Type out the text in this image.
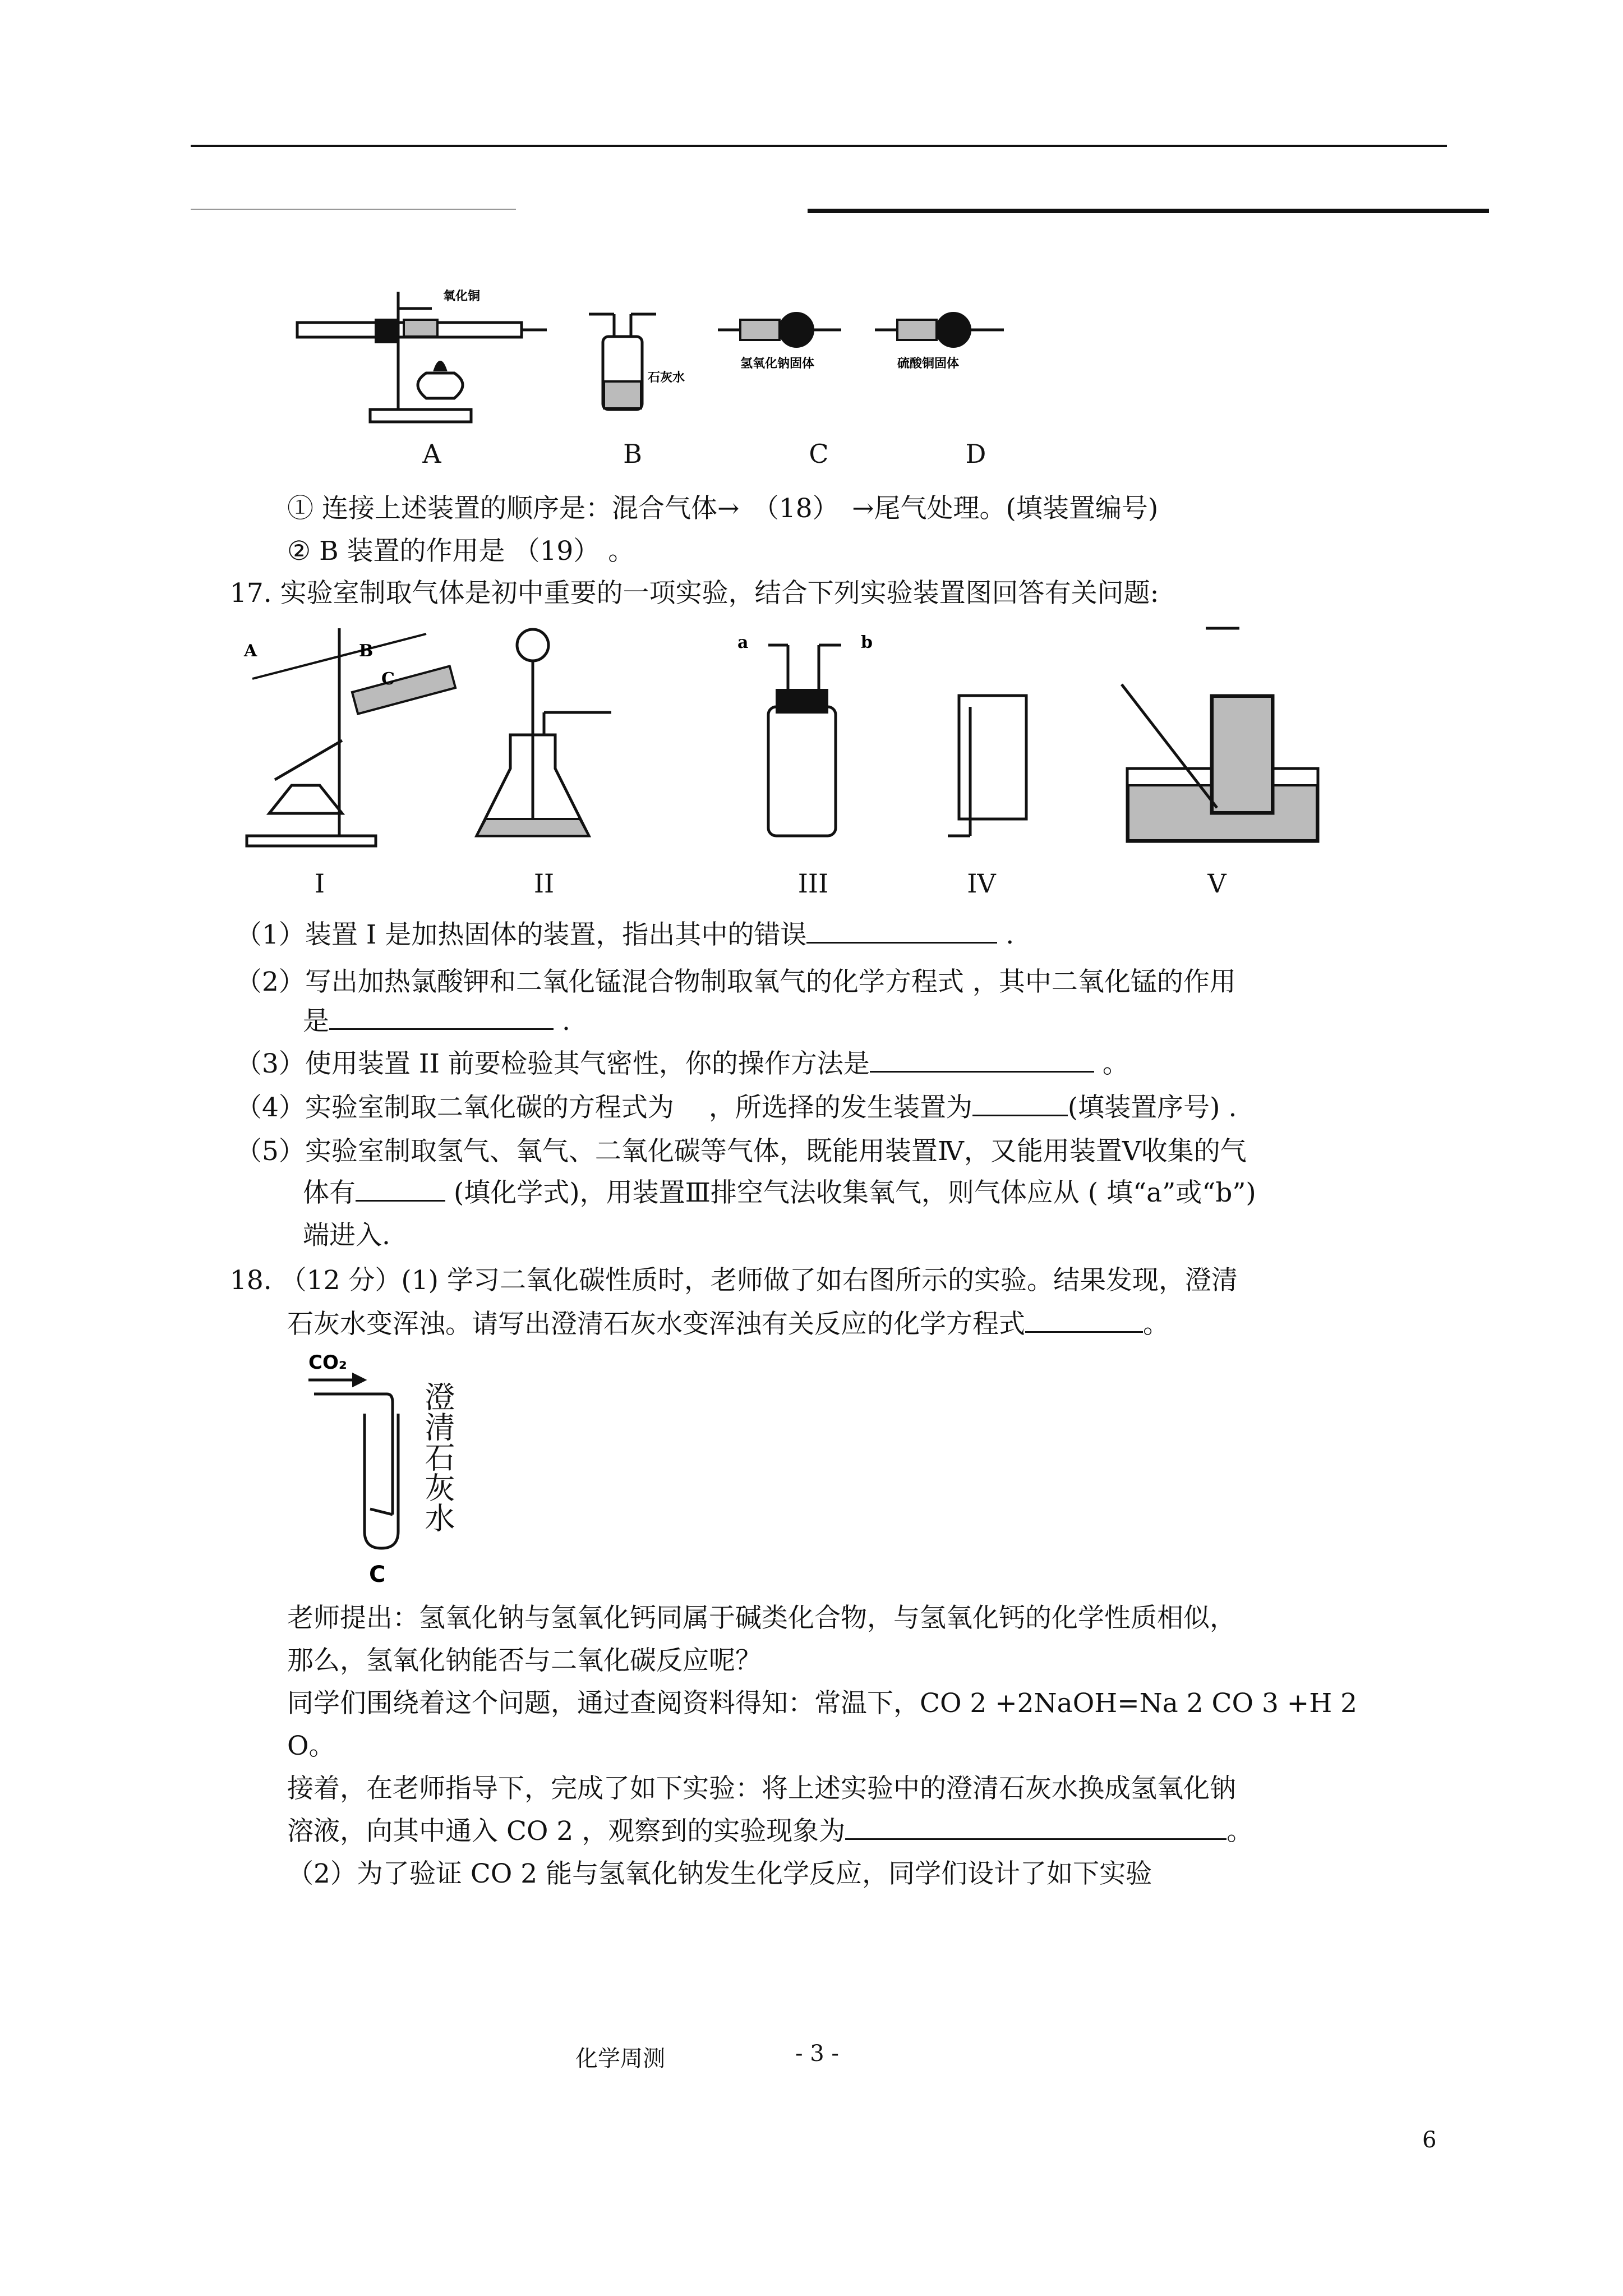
氧化铜
石灰水
氢氧化钠固体	硫酸铜固体
A	B	C	D
① 连接上述装置的顺序是：混合气体→　（18）　→尾气处理。(填装置编号)
② B 装置的作用是 （19） 。
17. 实验室制取气体是初中重要的一项实验，结合下列实验装置图回答有关问题:
A	B
C
a	b
I	II	III	IV	V
（1）装置 I 是加热固体的装置，指出其中的错误	.
（2）写出加热氯酸钾和二氧化锰混合物制取氧气的化学方程式 ，其中二氧化锰的作用
是	.
（3）使用装置 II 前要检验其气密性，你的操作方法是	。
（4）实验室制取二氧化碳的方程式为　 ，所选择的发生装置为	(填装置序号) .
（5）实验室制取氢气、氧气、二氧化碳等气体，既能用装置Ⅳ，又能用装置Ⅴ收集的气
体有	(填化学式)，用装置Ⅲ排空气法收集氧气，则气体应从 ( 填“a”或“b”)
端进入.
18. （12 分）(1) 学习二氧化碳性质时，老师做了如右图所示的实验。结果发现，澄清
石灰水变浑浊。请写出澄清石灰水变浑浊有关反应的化学方程式	。
CO₂
C
澄清石灰水
老师提出：氢氧化钠与氢氧化钙同属于碱类化合物，与氢氧化钙的化学性质相似，
那么，氢氧化钠能否与二氧化碳反应呢？
同学们围绕着这个问题，通过查阅资料得知：常温下，CO 2 +2NaOH=Na 2 CO 3 +H 2
O。
接着，在老师指导下，完成了如下实验：将上述实验中的澄清石灰水换成氢氧化钠
溶液，向其中通入 CO 2 ，观察到的实验现象为	。
（2）为了验证 CO 2 能与氢氧化钠发生化学反应，同学们设计了如下实验
化学周测	- 3 -
6
